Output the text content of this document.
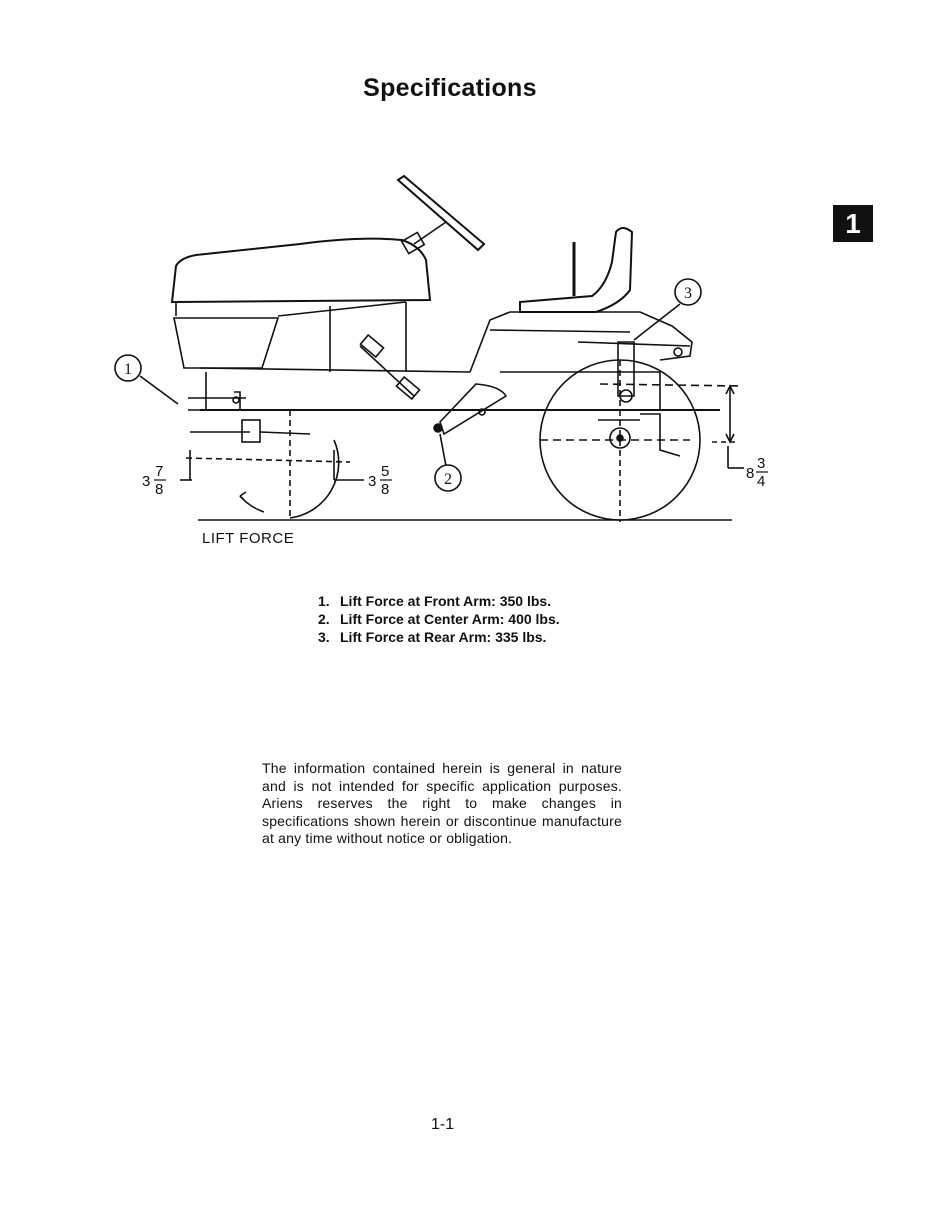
Specifications
1
1
2
3
3
7
8	3
5
8
8
3
4
LIFT FORCE
1. Lift Force at Front Arm: 350 lbs.
2. Lift Force at Center Arm: 400 lbs.
3. Lift Force at Rear Arm: 335 lbs.
The information contained herein is general in nature and is not intended for specific application purposes. Ariens reserves the right to make changes in specifications shown herein or discontinue manufacture at any time without notice or obligation.
1-1
